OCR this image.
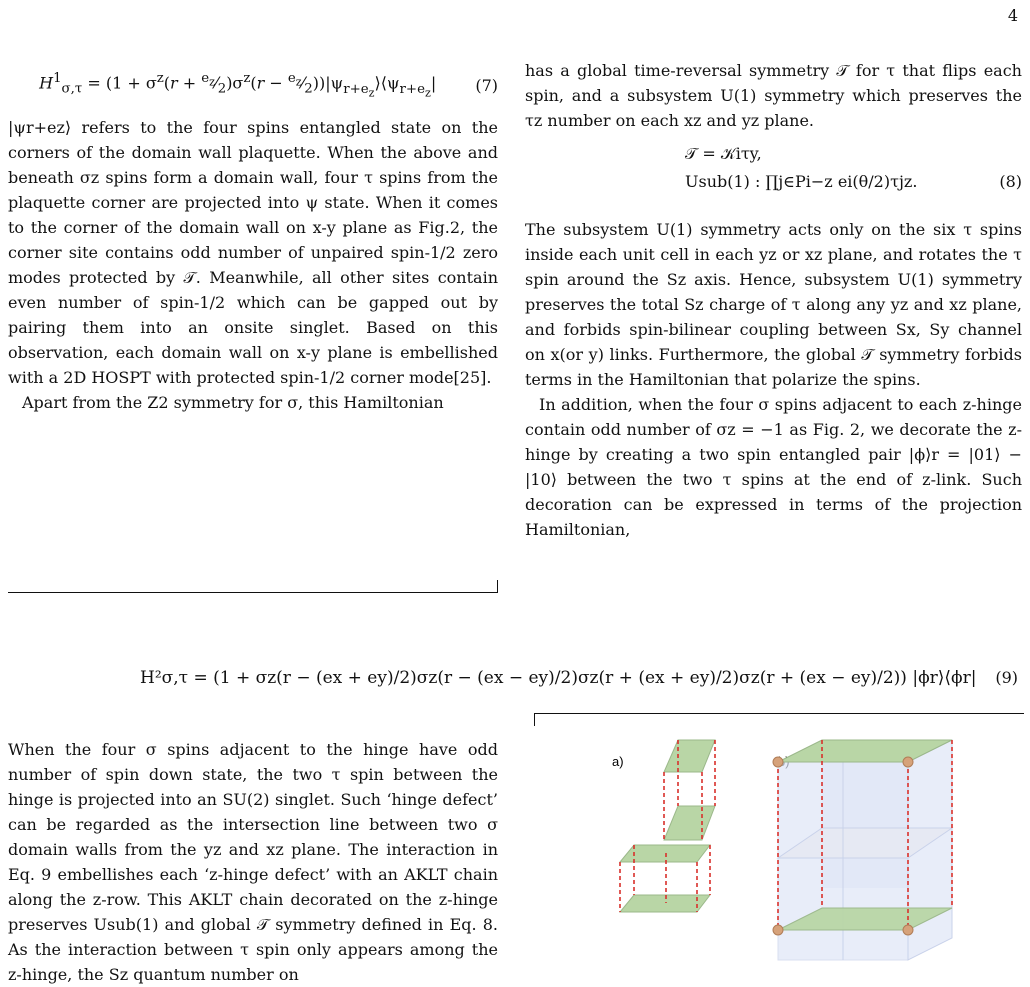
4

$H^1_{\sigma,\tau} = (1 + \sigma^z(r$ + $^{e_z}⁄_2)\sigma^z(r$ − $^{e_z}⁄_2))|\psi_{r+e_z}⟩⟨\psi_{r+e_z}|$	(7)

|ψr+ez⟩ refers to the four spins entangled state on the corners of the domain wall plaquette. When the above and beneath σz spins form a domain wall, four τ spins from the plaquette corner are projected into ψ state. When it comes to the corner of the domain wall on x-y plane as Fig.2, the corner site contains odd number of unpaired spin-1/2 zero modes protected by 𝒯. Meanwhile, all other sites contain even number of spin-1/2 which can be gapped out by pairing them into an onsite singlet. Based on this observation, each domain wall on x-y plane is embellished with a 2D HOSPT with protected spin-1/2 corner mode[25].

Apart from the Z2 symmetry for σ, this Hamiltonian

has a global time-reversal symmetry 𝒯 for τ that flips each spin, and a subsystem U(1) symmetry which preserves the τz number on each xz and yz plane.

𝒯 = 𝒦iτy,
Usub(1) : ∏j∈Pi−z ei(θ/2)τjz.	(8)

The subsystem U(1) symmetry acts only on the six τ spins inside each unit cell in each yz or xz plane, and rotates the τ spin around the Sz axis. Hence, subsystem U(1) symmetry preserves the total Sz charge of τ along any yz and xz plane, and forbids spin-bilinear coupling between Sx, Sy channel on x(or y) links. Furthermore, the global 𝒯 symmetry forbids terms in the Hamiltonian that polarize the spins.

In addition, when the four σ spins adjacent to each z-hinge contain odd number of σz = −1 as Fig. 2, we decorate the z-hinge by creating a two spin entangled pair |ϕ⟩r = |01⟩ − |10⟩ between the two τ spins at the end of z-link. Such decoration can be expressed in terms of the projection Hamiltonian,

H²σ,τ = (1 + σz(r − (ex + ey)/2)σz(r − (ex − ey)/2)σz(r + (ex + ey)/2)σz(r + (ex − ey)/2)) |ϕr⟩⟨ϕr| (9)

When the four σ spins adjacent to the hinge have odd number of spin down state, the two τ spin between the hinge is projected into an SU(2) singlet. Such ‘hinge defect’ can be regarded as the intersection line between two σ domain walls from the yz and xz plane. The interaction in Eq. 9 embellishes each ‘z-hinge defect’ with an AKLT chain along the z-row. This AKLT chain decorated on the z-hinge preserves Usub(1) and global 𝒯 symmetry defined in Eq. 8. As the interaction between τ spin only appears among the z-hinge, the Sz quantum number on

a)
